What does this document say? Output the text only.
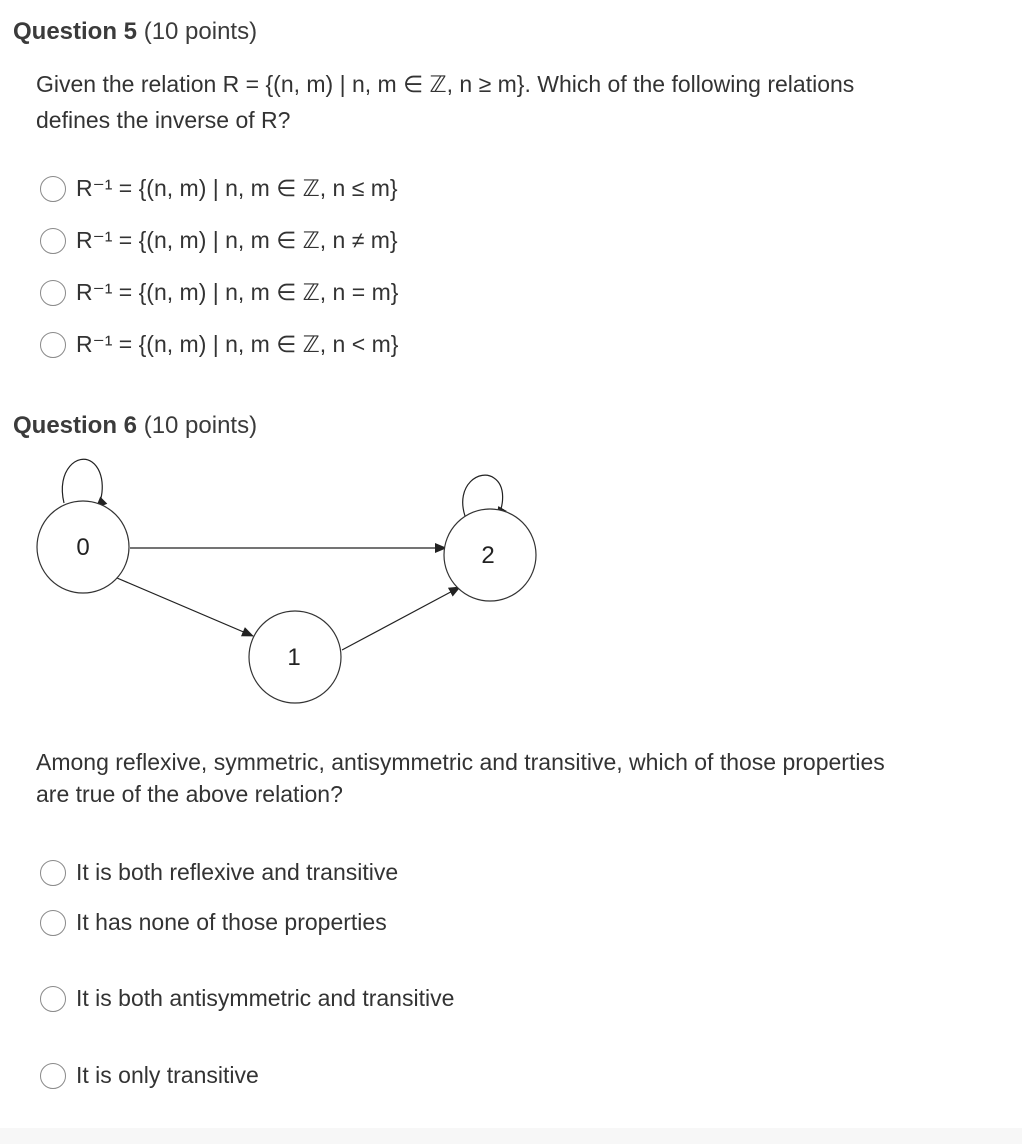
Question 5 (10 points)
Given the relation R = {(n, m) | n, m ∈ ℤ, n ≥ m}. Which of the following relations
defines the inverse of R?
R⁻¹ = {(n, m) | n, m ∈ ℤ, n ≤ m}
R⁻¹ = {(n, m) | n, m ∈ ℤ, n ≠ m}
R⁻¹ = {(n, m) | n, m ∈ ℤ, n = m}
R⁻¹ = {(n, m) | n, m ∈ ℤ, n < m}
Question 6 (10 points)
0
1
2
Among reflexive, symmetric, antisymmetric and transitive, which of those properties
are true of the above relation?
It is both reflexive and transitive
It has none of those properties
It is both antisymmetric and transitive
It is only transitive
